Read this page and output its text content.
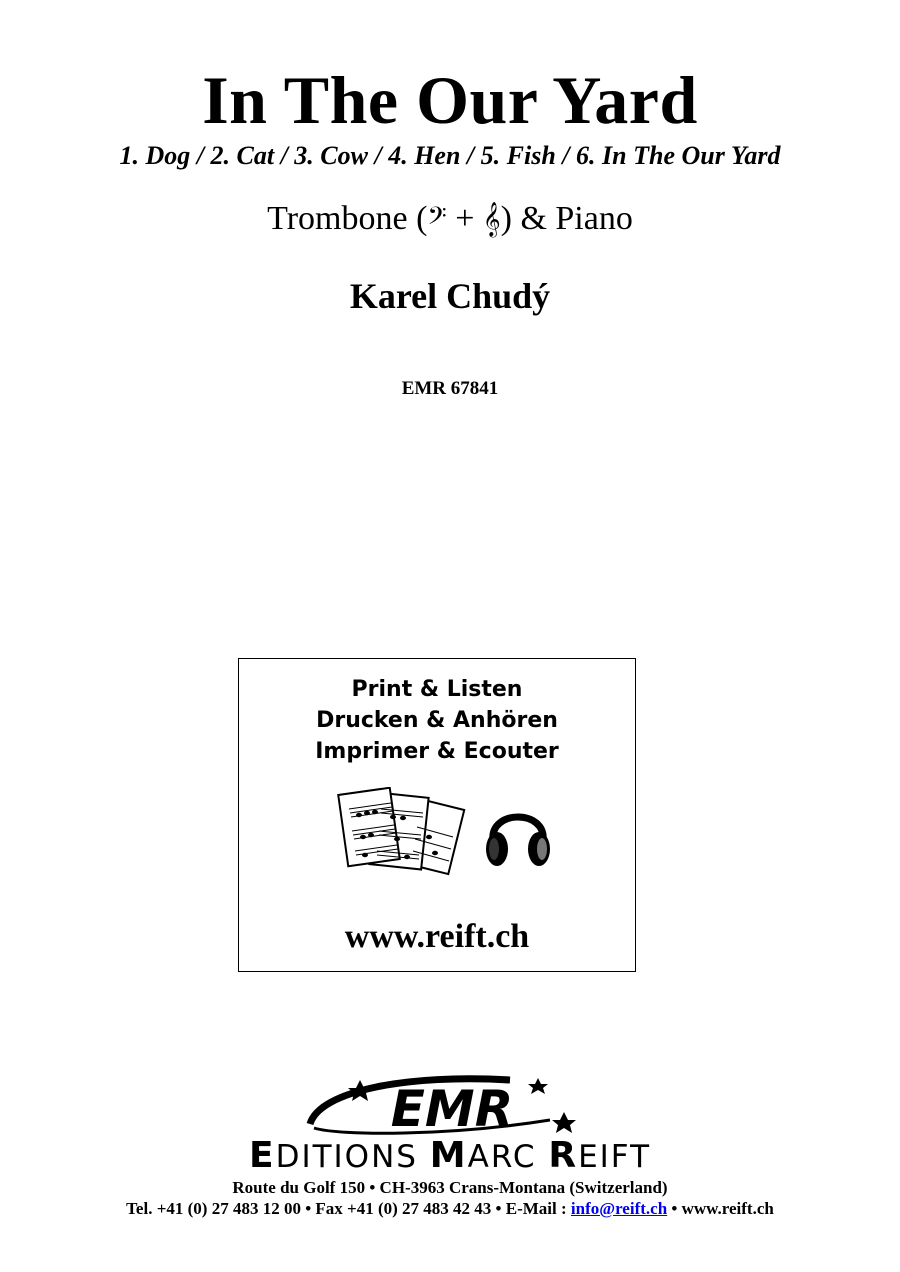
In The Our Yard
1. Dog / 2. Cat / 3. Cow / 4. Hen / 5. Fish / 6. In The Our Yard
Trombone (𝄢 + 𝄞) & Piano
Karel Chudý
EMR 67841
Print & Listen
Drucken & Anhören
Imprimer & Ecouter
www.reift.ch
EMR
EDITIONS MARC REIFT
Route du Golf 150 • CH-3963 Crans-Montana (Switzerland)
Tel. +41 (0) 27 483 12 00 • Fax +41 (0) 27 483 42 43 • E-Mail : info@reift.ch • www.reift.ch
